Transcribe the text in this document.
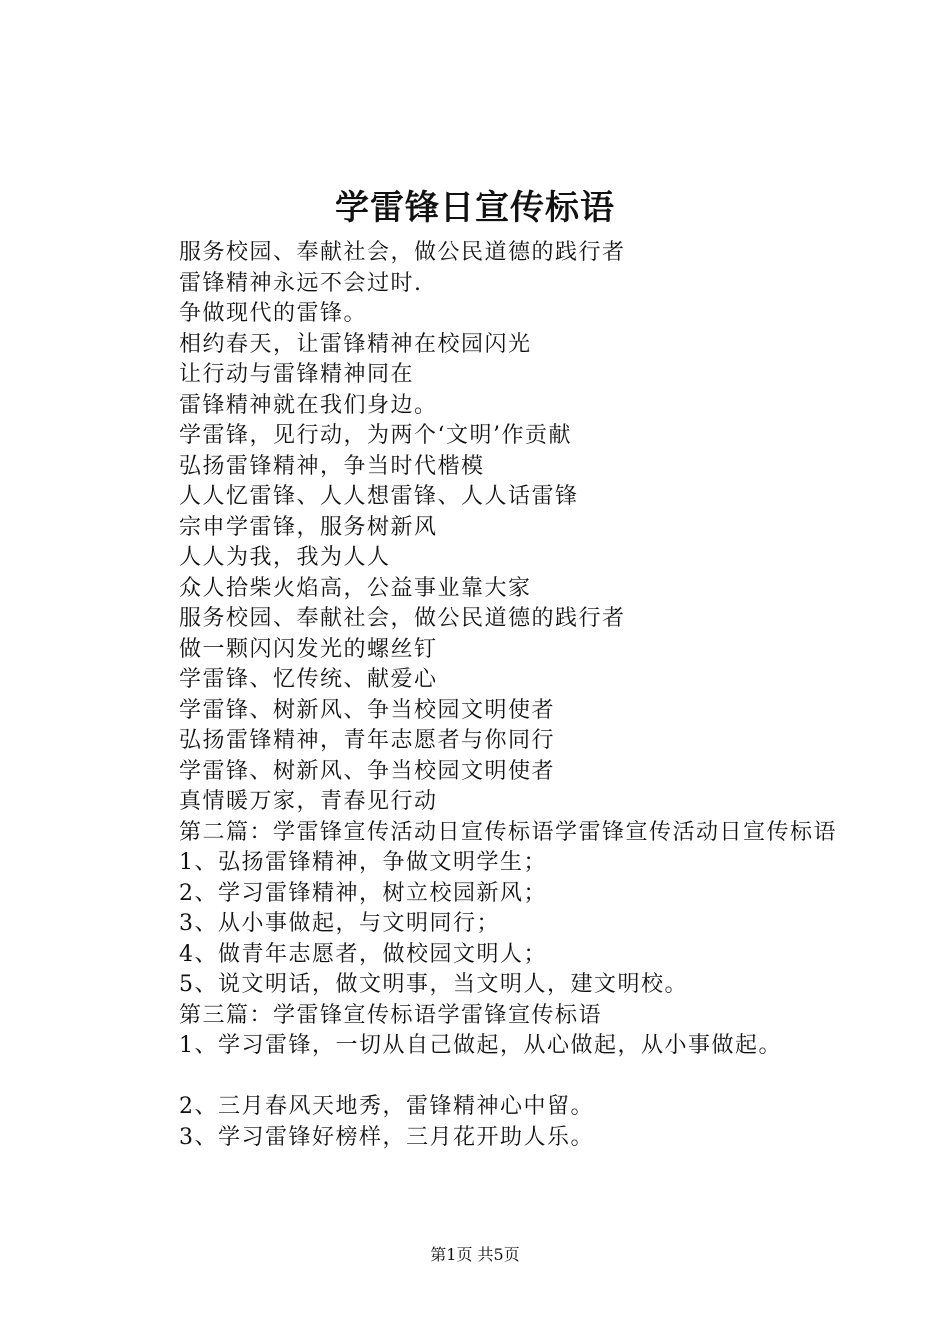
学雷锋日宣传标语
服务校园、奉献社会，做公民道德的践行者
雷锋精神永远不会过时.
争做现代的雷锋。
相约春天，让雷锋精神在校园闪光
让行动与雷锋精神同在
雷锋精神就在我们身边。
学雷锋，见行动，为两个‘文明’作贡献
弘扬雷锋精神，争当时代楷模
人人忆雷锋、人人想雷锋、人人话雷锋
宗申学雷锋，服务树新风
人人为我，我为人人
众人拾柴火焰高，公益事业靠大家
服务校园、奉献社会，做公民道德的践行者
做一颗闪闪发光的螺丝钉
学雷锋、忆传统、献爱心
学雷锋、树新风、争当校园文明使者
弘扬雷锋精神，青年志愿者与你同行
学雷锋、树新风、争当校园文明使者
真情暖万家，青春见行动
第二篇：学雷锋宣传活动日宣传标语学雷锋宣传活动日宣传标语
1、弘扬雷锋精神，争做文明学生；
2、学习雷锋精神，树立校园新风；
3、从小事做起，与文明同行；
4、做青年志愿者，做校园文明人；
5、说文明话，做文明事，当文明人，建文明校。
第三篇：学雷锋宣传标语学雷锋宣传标语
1、学习雷锋，一切从自己做起，从心做起，从小事做起。
2、三月春风天地秀，雷锋精神心中留。
3、学习雷锋好榜样，三月花开助人乐。
第1页 共5页
